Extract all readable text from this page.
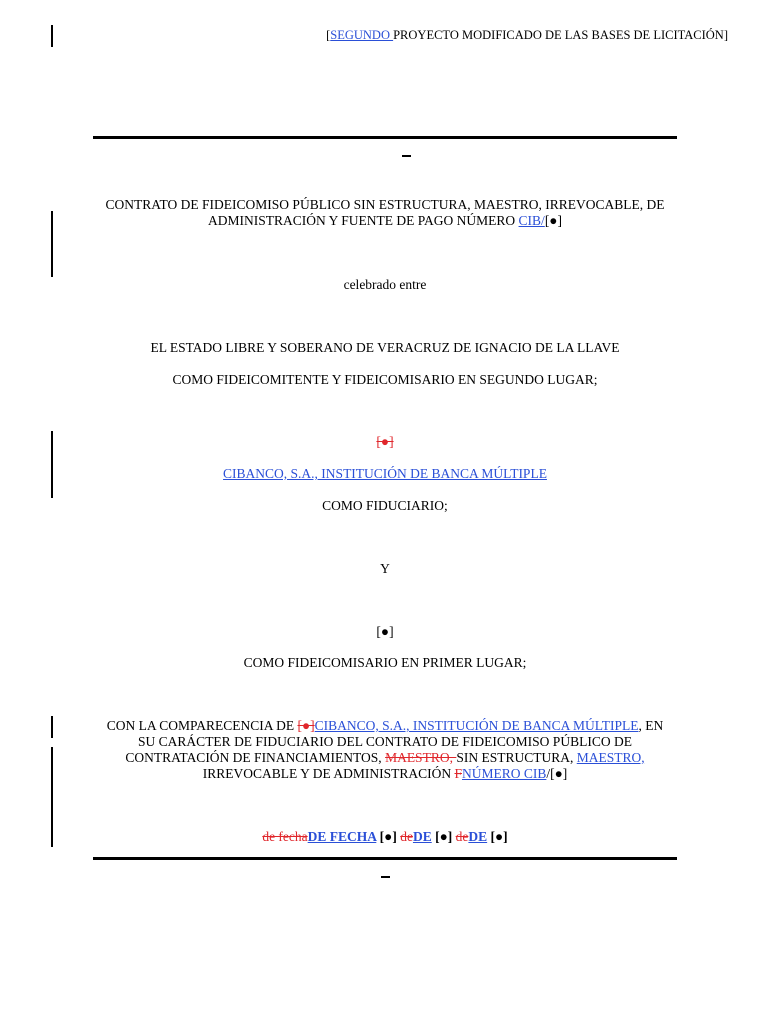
[SEGUNDO PROYECTO MODIFICADO DE LAS BASES DE LICITACIÓN]
CONTRATO DE FIDEICOMISO PÚBLICO SIN ESTRUCTURA, MAESTRO, IRREVOCABLE, DE
ADMINISTRACIÓN Y FUENTE DE PAGO NÚMERO CIB/[●]
celebrado entre
EL ESTADO LIBRE Y SOBERANO DE VERACRUZ DE IGNACIO DE LA LLAVE
COMO FIDEICOMITENTE Y FIDEICOMISARIO EN SEGUNDO LUGAR;
[●]
CIBANCO, S.A., INSTITUCIÓN DE BANCA MÚLTIPLE
COMO FIDUCIARIO;
Y
[●]
COMO FIDEICOMISARIO EN PRIMER LUGAR;
CON LA COMPARECENCIA DE [●]CIBANCO, S.A., INSTITUCIÓN DE BANCA MÚLTIPLE, EN
SU CARÁCTER DE FIDUCIARIO DEL CONTRATO DE FIDEICOMISO PÚBLICO DE
CONTRATACIÓN DE FINANCIAMIENTOS, MAESTRO, SIN ESTRUCTURA, MAESTRO,
IRREVOCABLE Y DE ADMINISTRACIÓN FNÚMERO CIB/[●]
de fechaDE FECHA [●] deDE [●] deDE [●]
